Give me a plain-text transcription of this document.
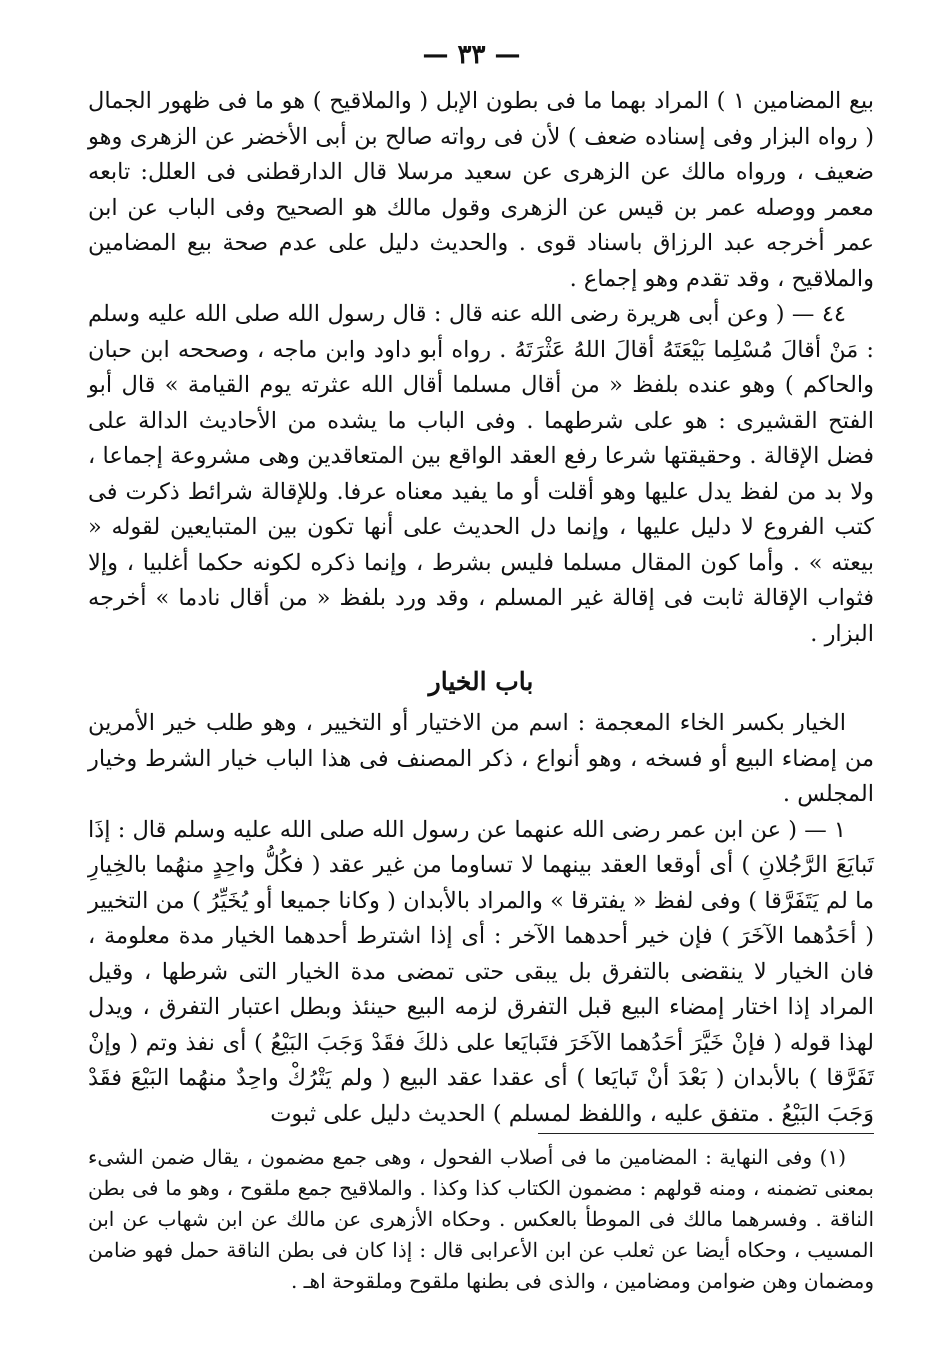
— ٣٣ —

بيع المضامين ١ ) المراد بهما ما فى بطون الإبل ( والملاقيح ) هو ما فى ظهور الجمال ( رواه البزار وفى إسناده ضعف ) لأن فى رواته صالح بن أبى الأخضر عن الزهرى وهو ضعيف ، ورواه مالك عن الزهرى عن سعيد مرسلا قال الدارقطنى فى العلل: تابعه معمر ووصله عمر بن قيس عن الزهرى وقول مالك هو الصحيح وفى الباب عن ابن عمر أخرجه عبد الرزاق باسناد قوى . والحديث دليل على عدم صحة بيع المضامين والملاقيح ، وقد تقدم وهو إجماع .

٤٤ — ( وعن أبى هريرة رضى الله عنه قال : قال رسول الله صلى الله عليه وسلم : مَنْ أقالَ مُسْلِما بَيْعَتَهُ أقالَ اللهُ عَثْرَتَهُ . رواه أبو داود وابن ماجه ، وصححه ابن حبان والحاكم ) وهو عنده بلفظ « من أقال مسلما أقال الله عثرته يوم القيامة » قال أبو الفتح القشيرى : هو على شرطهما . وفى الباب ما يشده من الأحاديث الدالة على فضل الإقالة . وحقيقتها شرعا رفع العقد الواقع بين المتعاقدين وهى مشروعة إجماعا ، ولا بد من لفظ يدل عليها وهو أقلت أو ما يفيد معناه عرفا. وللإقالة شرائط ذكرت فى كتب الفروع لا دليل عليها ، وإنما دل الحديث على أنها تكون بين المتبايعين لقوله « بيعته » . وأما كون المقال مسلما فليس بشرط ، وإنما ذكره لكونه حكما أغلبيا ، وإلا فثواب الإقالة ثابت فى إقالة غير المسلم ، وقد ورد بلفظ « من أقال نادما » أخرجه البزار .

باب الخيار

الخيار بكسر الخاء المعجمة : اسم من الاختيار أو التخيير ، وهو طلب خير الأمرين من إمضاء البيع أو فسخه ، وهو أنواع ، ذكر المصنف فى هذا الباب خيار الشرط وخيار المجلس .

١ — ( عن ابن عمر رضى الله عنهما عن رسول الله صلى الله عليه وسلم قال : إذَا تَبايَعَ الرَّجُلانِ ) أى أوقعا العقد بينهما لا تساوما من غير عقد ( فكُلُّ واحِدٍ منهُما بالخِيارِ ما لم يَتَفَرَّقا ) وفى لفظ « يفترقا » والمراد بالأبدان ( وكانا جميعا أو يُخَيِّرُ ) من التخيير ( أحَدُهما الآخَرَ ) فإن خير أحدهما الآخر : أى إذا اشترط أحدهما الخيار مدة معلومة ، فان الخيار لا ينقضى بالتفرق بل يبقى حتى تمضى مدة الخيار التى شرطها ، وقيل المراد إذا اختار إمضاء البيع قبل التفرق لزمه البيع حينئذ وبطل اعتبار التفرق ، ويدل لهذا قوله ( فإنْ خَيَّرَ أحَدُهما الآخَرَ فتَبايَعا على ذلكَ فقَدْ وَجَبَ البَيْعُ ) أى نفذ وتم ( وإنْ تَفَرَّقا ) بالأبدان ( بَعْدَ أنْ تَبايَعا ) أى عقدا عقد البيع ( ولم يَتْرُكْ واحِدٌ منهُما البَيْعَ فقَدْ وَجَبَ البَيْعُ . متفق عليه ، واللفظ لمسلم ) الحديث دليل على ثبوت

(١) وفى النهاية : المضامين ما فى أصلاب الفحول ، وهى جمع مضمون ، يقال ضمن الشىء بمعنى تضمنه ، ومنه قولهم : مضمون الكتاب كذا وكذا . والملاقيح جمع ملقوح ، وهو ما فى بطن الناقة . وفسرهما مالك فى الموطأ بالعكس . وحكاه الأزهرى عن مالك عن ابن شهاب عن ابن المسيب ، وحكاه أيضا عن ثعلب عن ابن الأعرابى قال : إذا كان فى بطن الناقة حمل فهو ضامن ومضمان وهن ضوامن ومضامين ، والذى فى بطنها ملقوح وملقوحة اهـ .
